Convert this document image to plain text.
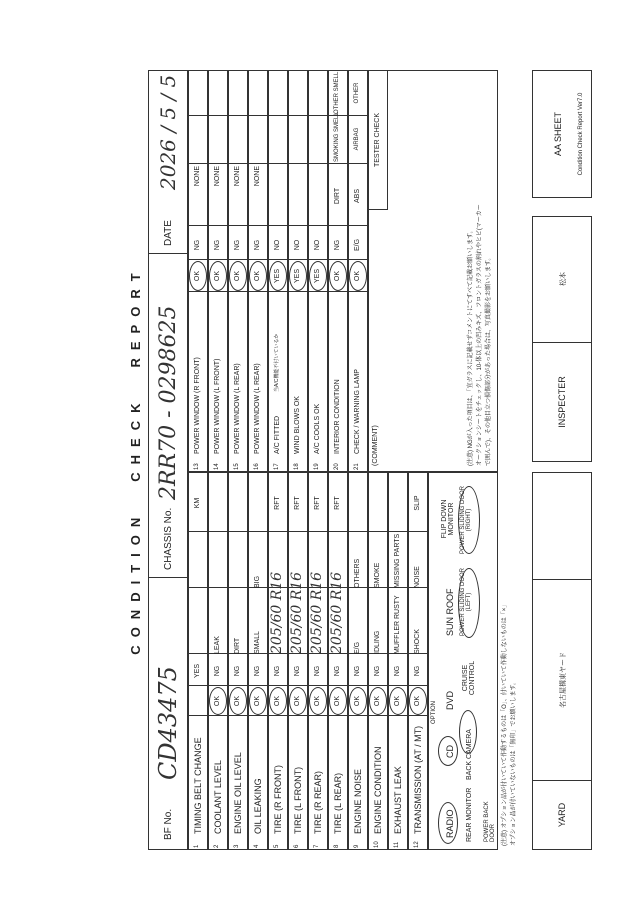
CONDITION
CHECK
REPORT
BF No.
CD43475
CHASSIS No.
2RR70 - 0298625
DATE
2026 / 5 / 5
1
TIMING BELT CHANGE
YES
KM
2
COOLANT LEVEL
OK
NG
LEAK
3
ENGINE OIL LEVEL
OK
NG
DIRT
4
OIL LEAKING
OK
NG
SMALL
BIG
5
TIRE (R FRONT)
OK
NG
205/60 R16
RFT
6
TIRE (L FRONT)
OK
NG
205/60 R16
RFT
7
TIRE (R REAR)
OK
NG
205/60 R16
RFT
8
TIRE (L REAR)
OK
NG
205/60 R16
RFT
9
ENGINE NOISE
OK
NG
E/G
OTHERS
10
ENGINE CONDITION
OK
NG
IDLING
SMOKE
11
EXHAUST LEAK
OK
NG
MUFFLER RUSTY
MISSING PARTS
12
TRANSMISSION (AT / MT)
OK
NG
SHOCK
NOISE
SLIP
13
POWER WINDOW (R FRONT)
OK
NG
NONE
14
POWER WINDOW (L FRONT)
OK
NG
NONE
15
POWER WINDOW (L REAR)
OK
NG
NONE
16
POWER WINDOW (L REAR)
OK
NG
NONE
17
A/C FITTED
YES
NO
当A/C機能不付いているか
18
WIND BLOWS OK
YES
NO
19
A/C COOLS OK
YES
NO
20
INTERIOR CONDITION
OK
NG
DIRT
SMOKING SMELL
OTHER SMELL
21
CHECK / WARNING LAMP
OK
E/G
ABS
AIRBAG
OTHER
OPTION
RADIO
CD
DVD
SUN ROOF
FLIP DOWN MONITOR
REAR MONITOR
BACK CAMERA
CRUISE CONTROL
POWER SLIDING DOOR (LEFT)
POWER SLIDING DOOR (RIGHT)
POWER BACK DOOR (注意) オプション品が付いていて作動するものは「O」、付いていて作動しないものは「×」 オプション品が付いていないものは「無印」でお願いします。
(COMMENT)
TESTER CHECK
(注意) NGが入った項目は、「宜ガラスに記載せずコメントにてすべて記載お願いします。 オークションシートをチェックし、10-体以上の凹みキズ、フロントガラスの割れやヒビ(マーカー で囲んで)、その他目立つ損傷部分があった場合は、写真撮影をお願いします。
YARD
名古屋構東ヤード
INSPECTER
松本
AA SHEET	Condition Check Report Ver7.0
